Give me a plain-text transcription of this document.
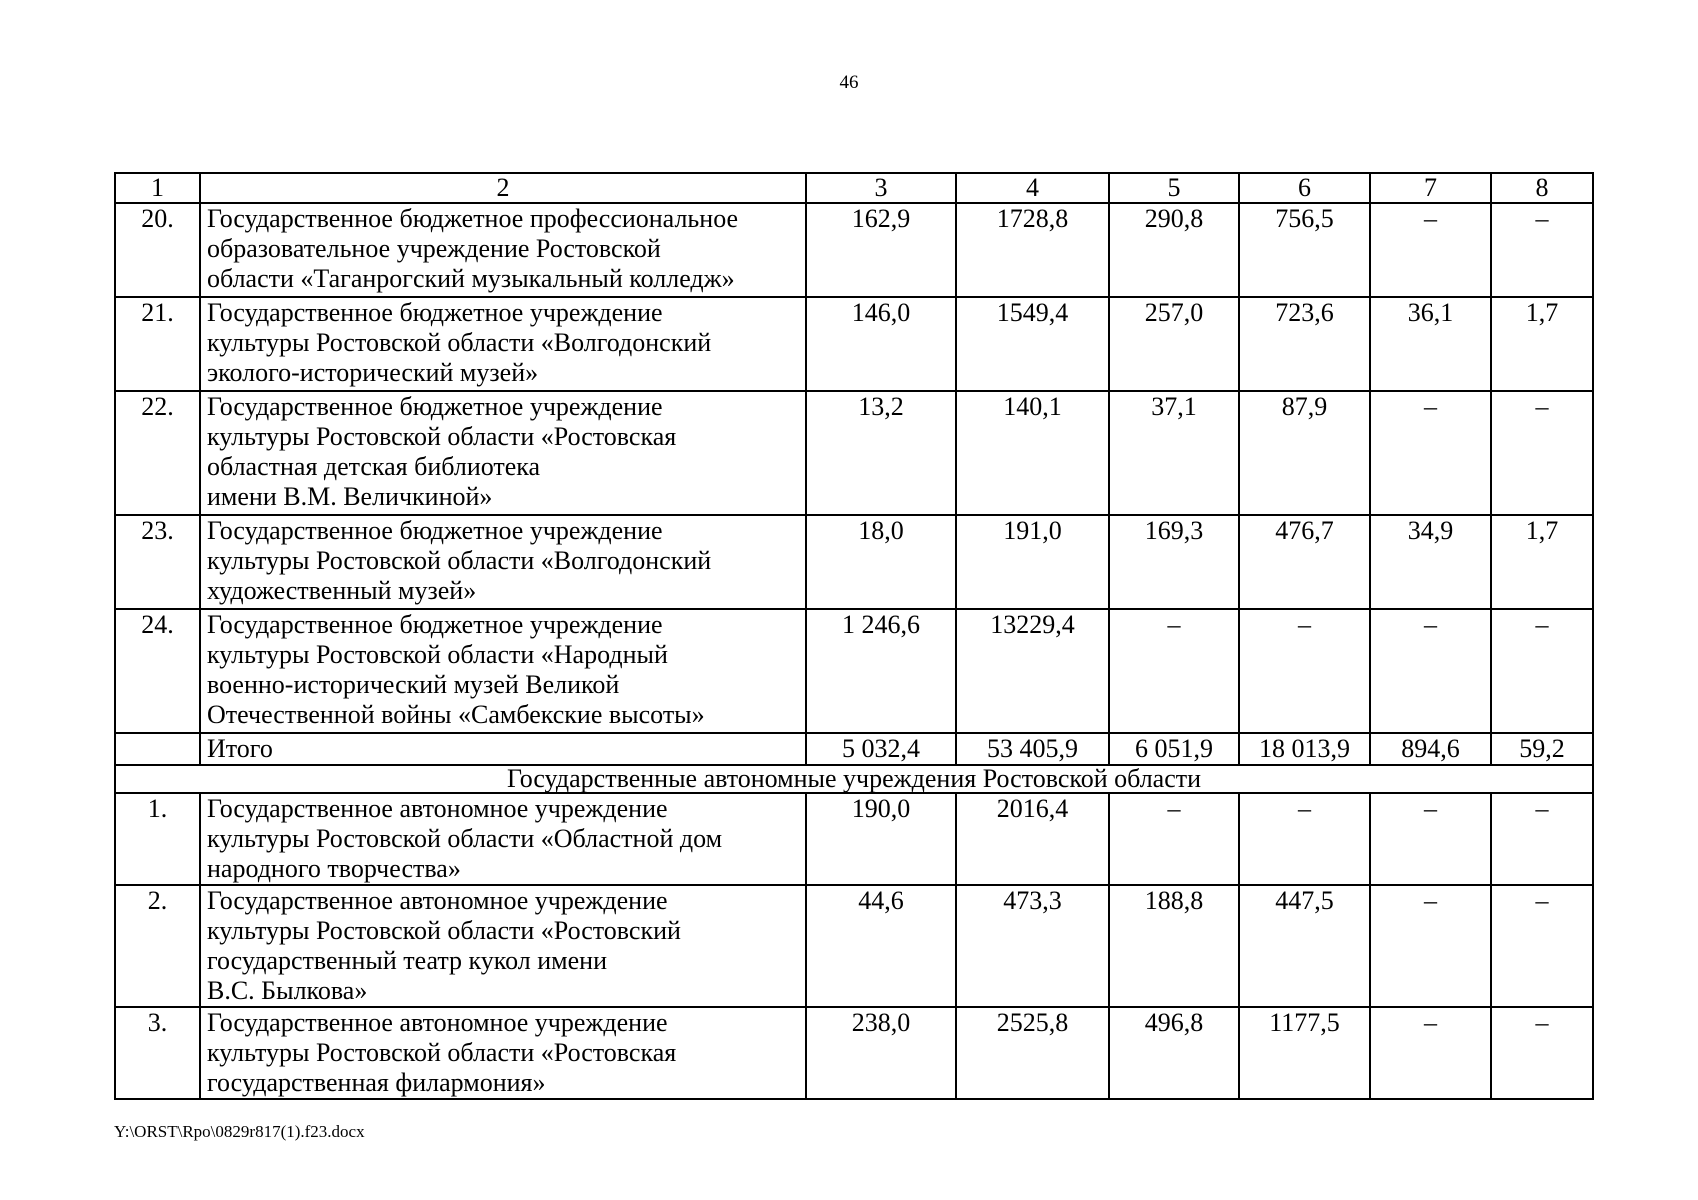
46
1	2	3	4	5	6	7	8
20.	Государственное бюджетное профессиональное
образовательное учреждение Ростовской
области «Таганрогский музыкальный колледж»	162,9	1728,8	290,8	756,5	–	–
21.	Государственное бюджетное учреждение
культуры Ростовской области «Волгодонский
эколого-исторический музей»	146,0	1549,4	257,0	723,6	36,1	1,7
22.	Государственное бюджетное учреждение
культуры Ростовской области «Ростовская
областная детская библиотека
имени В.М. Величкиной»	13,2	140,1	37,1	87,9	–	–
23.	Государственное бюджетное учреждение
культуры Ростовской области «Волгодонский
художественный музей»	18,0	191,0	169,3	476,7	34,9	1,7
24.	Государственное бюджетное учреждение
культуры Ростовской области «Народный
военно-исторический музей Великой
Отечественной войны «Самбекские высоты»	1 246,6	13229,4	–	–	–	–
	Итого	5 032,4	53 405,9	6 051,9	18 013,9	894,6	59,2
Государственные автономные учреждения Ростовской области							
1.	Государственное автономное учреждение
культуры Ростовской области «Областной дом
народного творчества»	190,0	2016,4	–	–	–	–
2.	Государственное автономное учреждение
культуры Ростовской области «Ростовский
государственный театр кукол имени
В.С. Былкова»	44,6	473,3	188,8	447,5	–	–
3.	Государственное автономное учреждение
культуры Ростовской области «Ростовская
государственная филармония»	238,0	2525,8	496,8	1177,5	–	–
Y:\ORST\Rpo\0829r817(1).f23.docx
